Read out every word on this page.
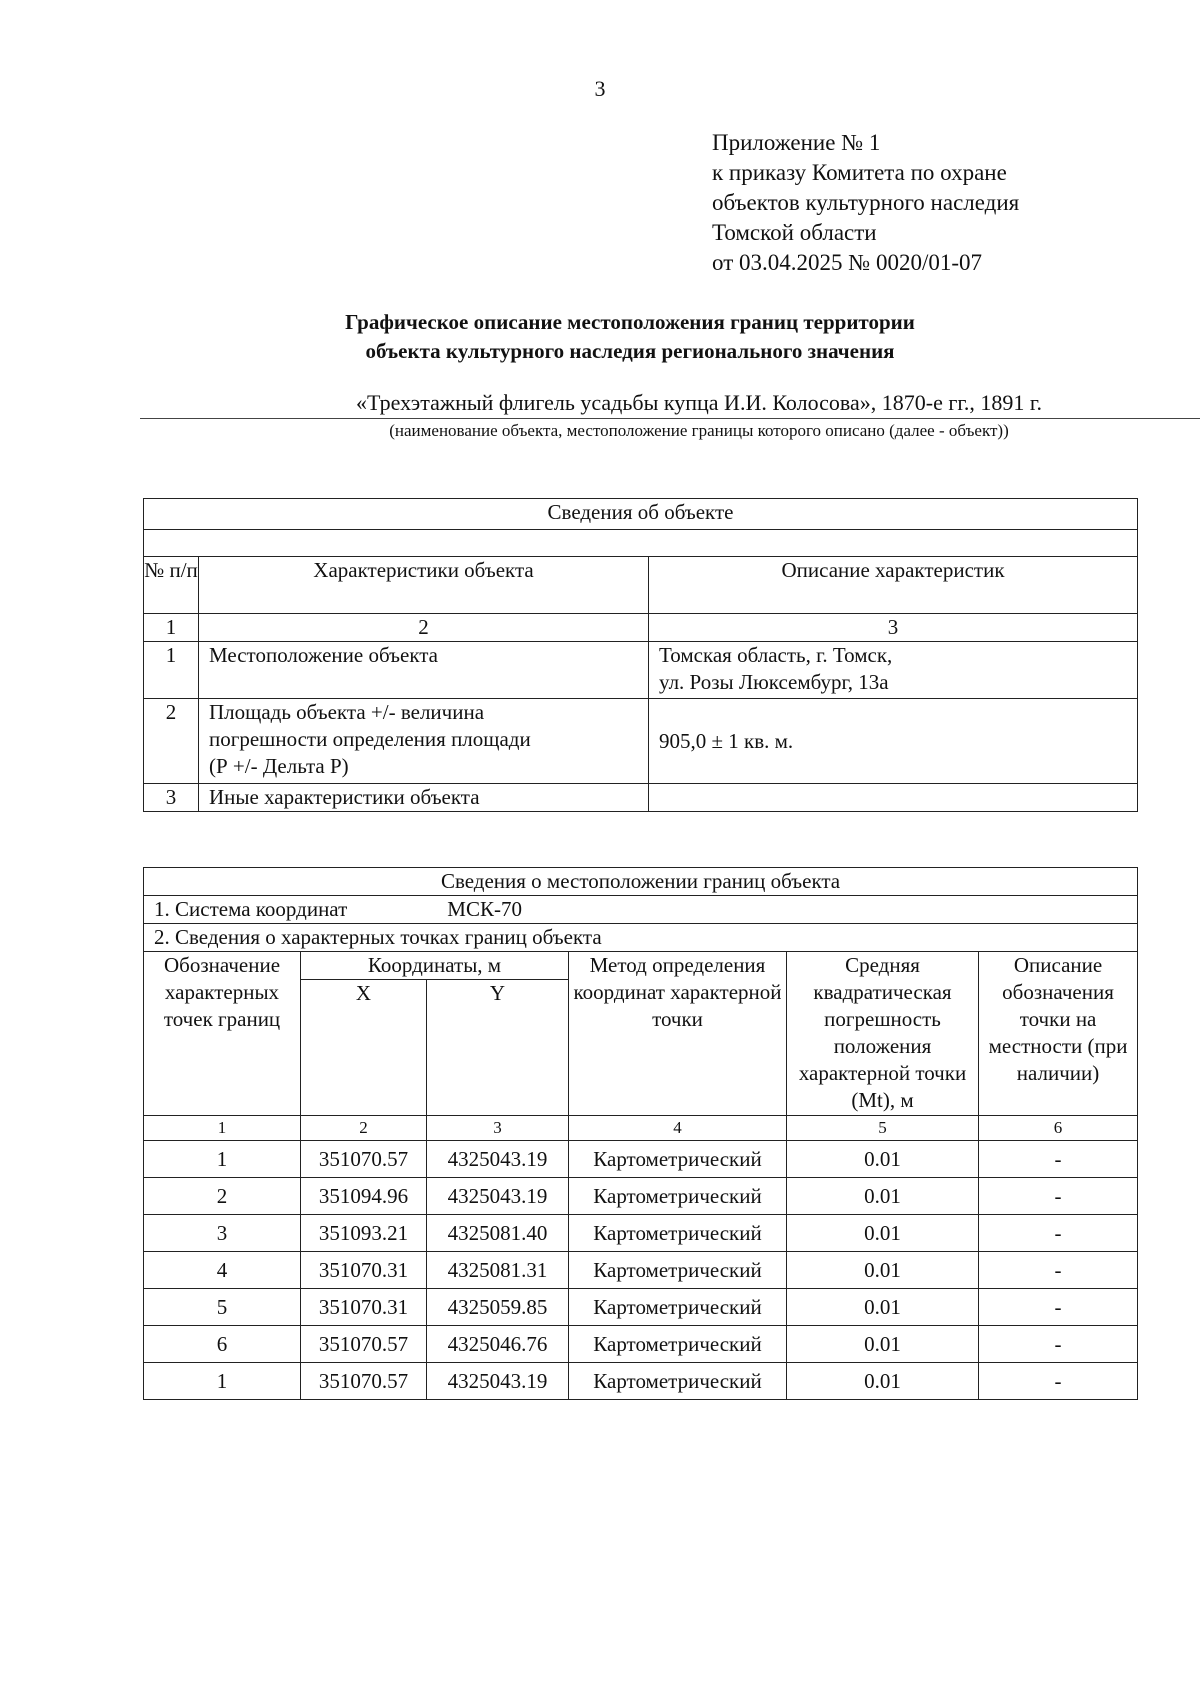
3
Приложение № 1
к приказу Комитета по охране
объектов культурного наследия
Томской области
от 03.04.2025 № 0020/01-07
Графическое описание местоположения границ территории
объекта культурного наследия регионального значения
«Трехэтажный флигель усадьбы купца И.И. Колосова», 1870-е гг., 1891 г.
(наименование объекта, местоположение границы которого описано (далее - объект))
Сведения об объекте		

№ п/п	Характеристики объекта	Описание характеристик
1	2	3
1	Местоположение объекта	Томская область, г. Томск,
ул. Розы Люксембург, 13а
2	Площадь объекта +/- величина
погрешности определения площади
(Р +/- Дельта Р)	905,0 ± 1 кв. м.
3	Иные характеристики объекта	
Сведения о местоположении границ объекта					
1. Система координат МСК-70					
2. Сведения о характерных точках границ объекта					
Обозначение характерных точек границ	Координаты, м		Метод определения координат характерной точки	Средняя квадратическая погрешность положения характерной точки (Mt), м	Описание обозначения точки на местности (при наличии)
	X	Y			
1	2	3	4	5	6
1	351070.57	4325043.19	Картометрический	0.01	-
2	351094.96	4325043.19	Картометрический	0.01	-
3	351093.21	4325081.40	Картометрический	0.01	-
4	351070.31	4325081.31	Картометрический	0.01	-
5	351070.31	4325059.85	Картометрический	0.01	-
6	351070.57	4325046.76	Картометрический	0.01	-
1	351070.57	4325043.19	Картометрический	0.01	-
